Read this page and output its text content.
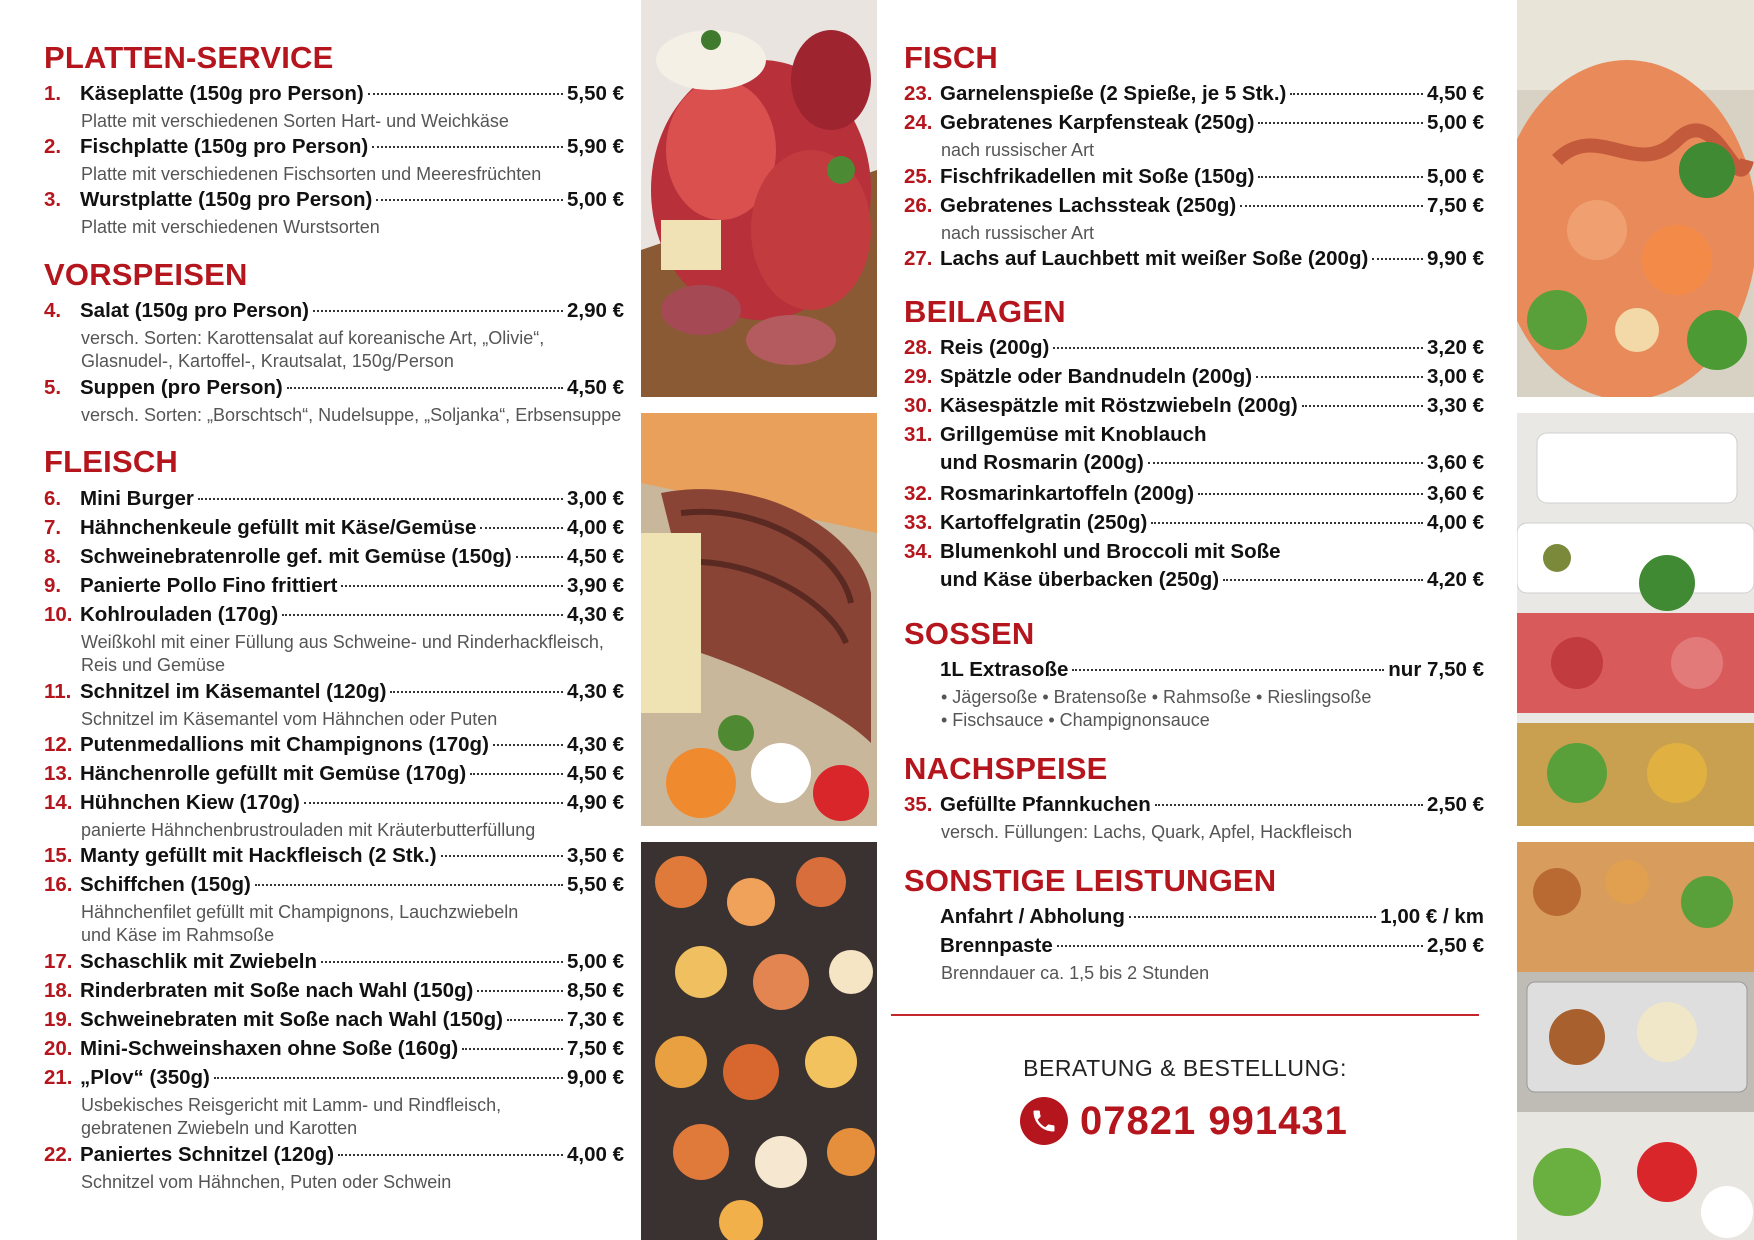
PLATTEN-SERVICE
1. Käseplatte (150g pro Person)	5,50 €
Platte mit verschiedenen Sorten Hart- und Weichkäse
2. Fischplatte (150g pro Person)	5,90 €
Platte mit verschiedenen Fischsorten und Meeresfrüchten
3. Wurstplatte (150g pro Person)	5,00 €
Platte mit verschiedenen Wurstsorten
VORSPEISEN
4. Salat (150g pro Person)	2,90 €
versch. Sorten: Karottensalat auf koreanische Art, „Olivie“,
Glasnudel-, Kartoffel-, Krautsalat, 150g/Person
5. Suppen (pro Person)	4,50 €
versch. Sorten: „Borschtsch“, Nudelsuppe, „Soljanka“, Erbsensuppe
FLEISCH
6. Mini Burger	3,00 €
7. Hähnchenkeule gefüllt mit Käse/Gemüse	4,00 €
8. Schweinebratenrolle gef. mit Gemüse (150g)	4,50 €
9. Panierte Pollo Fino frittiert	3,90 €
10. Kohlrouladen (170g)	4,30 €
Weißkohl mit einer Füllung aus Schweine- und Rinderhackfleisch,
Reis und Gemüse
11. Schnitzel im Käsemantel (120g)	4,30 €
Schnitzel im Käsemantel vom Hähnchen oder Puten
12. Putenmedallions mit Champignons (170g)	4,30 €
13. Hänchenrolle gefüllt mit Gemüse (170g)	4,50 €
14. Hühnchen Kiew (170g)	4,90 €
panierte Hähnchenbrustrouladen mit Kräuterbutterfüllung
15. Manty gefüllt mit Hackfleisch (2 Stk.)	3,50 €
16. Schiffchen (150g)	5,50 €
Hähnchenfilet gefüllt mit Champignons, Lauchzwiebeln
und Käse im Rahmsoße
17. Schaschlik mit Zwiebeln	5,00 €
18. Rinderbraten mit Soße nach Wahl (150g)	8,50 €
19. Schweinebraten mit Soße nach Wahl (150g)	7,30 €
20. Mini-Schweinshaxen ohne Soße (160g)	7,50 €
21. „Plov“ (350g)	9,00 €
Usbekisches Reisgericht mit Lamm- und Rindfleisch,
gebratenen Zwiebeln und Karotten
22. Paniertes Schnitzel (120g)	4,00 €
Schnitzel vom Hähnchen, Puten oder Schwein
FISCH
23. Garnelenspieße (2 Spieße, je 5 Stk.)	4,50 €
24. Gebratenes Karpfensteak (250g)	5,00 €
nach russischer Art
25. Fischfrikadellen mit Soße (150g)	5,00 €
26. Gebratenes Lachssteak (250g)	7,50 €
nach russischer Art
27. Lachs auf Lauchbett mit weißer Soße (200g)	9,90 €
BEILAGEN
28. Reis (200g)	3,20 €
29. Spätzle oder Bandnudeln (200g)	3,00 €
30. Käsespätzle mit Röstzwiebeln (200g)	3,30 €
31. Grillgemüse mit Knoblauch
und Rosmarin (200g)	3,60 €
32. Rosmarinkartoffeln (200g)	3,60 €
33. Kartoffelgratin (250g)	4,00 €
34. Blumenkohl und Broccoli mit Soße
und Käse überbacken (250g)	4,20 €
SOSSEN
1L Extrasoße	nur 7,50 €
• Jägersoße • Bratensoße • Rahmsoße • Rieslingsoße
• Fischsauce • Champignonsauce
NACHSPEISE
35. Gefüllte Pfannkuchen	2,50 €
versch. Füllungen: Lachs, Quark, Apfel, Hackfleisch
SONSTIGE LEISTUNGEN
Anfahrt / Abholung	1,00 € / km
Brennpaste	2,50 €
Brenndauer ca. 1,5 bis 2 Stunden
BERATUNG & BESTELLUNG:
07821 991431
